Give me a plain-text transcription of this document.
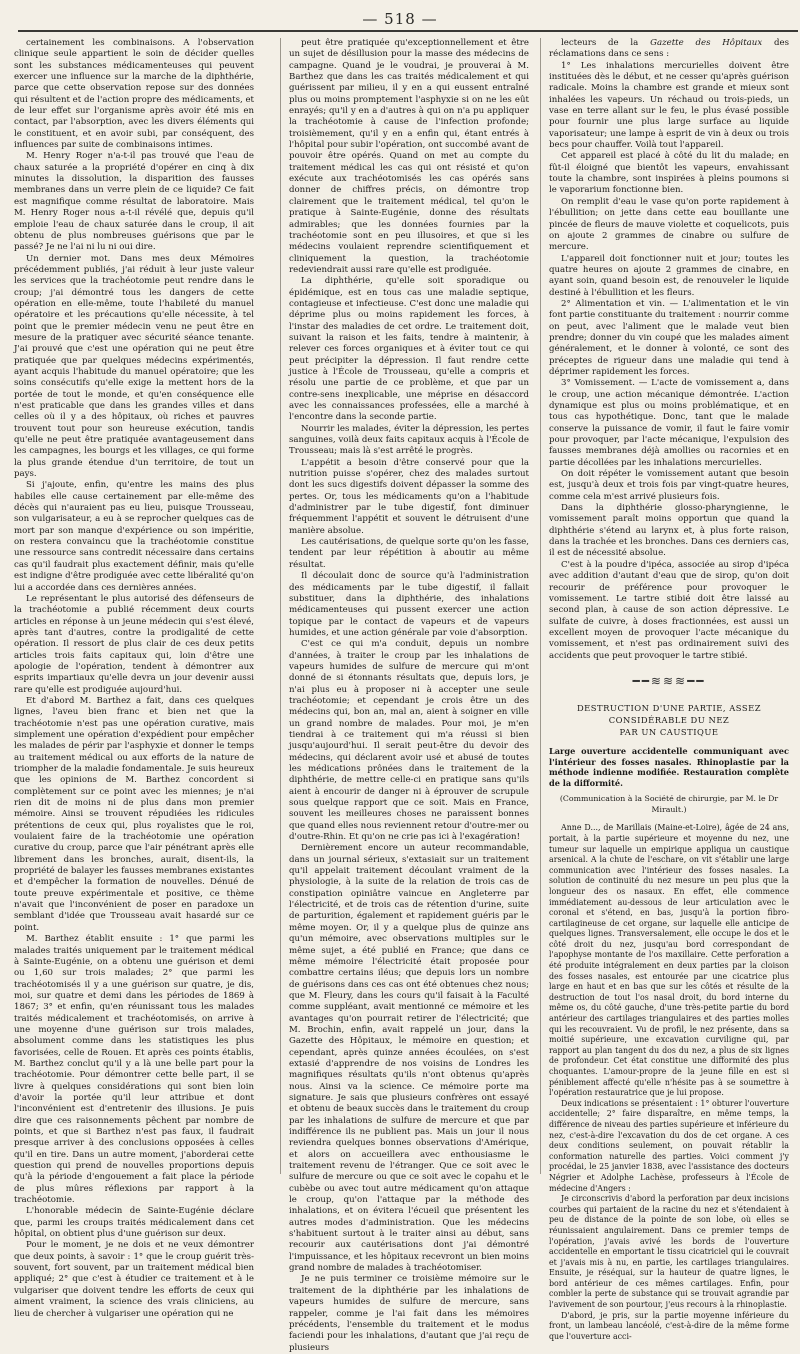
— 518 —

certainement les combinaisons. A l'observation clinique seule appartient le soin de décider quelles sont les substances médicamenteuses qui peuvent exercer une influence sur la marche de la diphthérie, parce que cette observation repose sur des données qui résultent et de l'action propre des médicaments, et de leur effet sur l'organisme après avoir été mis en contact, par l'absorption, avec les divers éléments qui le constituent, et en avoir subi, par conséquent, des influences par suite de combinaisons intimes.

M. Henry Roger n'a-t-il pas trouvé que l'eau de chaux saturée a la propriété d'opérer en cinq à dix minutes la dissolution, la disparition des fausses membranes dans un verre plein de ce liquide? Ce fait est magnifique comme résultat de laboratoire. Mais M. Henry Roger nous a-t-il révélé que, depuis qu'il emploie l'eau de chaux saturée dans le croup, il ait obtenu de plus nombreuses guérisons que par le passé? Je ne l'ai ni lu ni oui dire.

Un dernier mot. Dans mes deux Mémoires précédemment publiés, j'ai réduit à leur juste valeur les services que la trachéotomie peut rendre dans le croup; j'ai démontré tous les dangers de cette opération en elle-même, toute l'habileté du manuel opératoire et les précautions qu'elle nécessite, à tel point que le premier médecin venu ne peut être en mesure de la pratiquer avec sécurité séance tenante. J'ai prouvé que c'est une opération qui ne peut être pratiquée que par quelques médecins expérimentés, ayant acquis l'habitude du manuel opératoire; que les soins consécutifs qu'elle exige la mettent hors de la portée de tout le monde, et qu'en conséquence elle n'est praticable que dans les grandes villes et dans celles où il y a des hôpitaux, où riches et pauvres trouvent tout pour son heureuse exécution, tandis qu'elle ne peut être pratiquée avantageusement dans les campagnes, les bourgs et les villages, ce qui forme la plus grande étendue d'un territoire, de tout un pays.

Si j'ajoute, enfin, qu'entre les mains des plus habiles elle cause certainement par elle-même des décès qui n'auraient pas eu lieu, puisque Trousseau, son vulgarisateur, a eu à se reprocher quelques cas de mort par son manque d'expérience ou son impéritie, on restera convaincu que la trachéotomie constitue une ressource sans contredit nécessaire dans certains cas qu'il faudrait plus exactement définir, mais qu'elle est indigne d'être prodiguée avec cette libéralité qu'on lui a accordée dans ces dernières années.

Le représentant le plus autorisé des défenseurs de la trachéotomie a publié récemment deux courts articles en réponse à un jeune médecin qui s'est élevé, après tant d'autres, contre la prodigalité de cette opération. Il ressort de plus clair de ces deux petits articles trois faits capitaux qui, loin d'être une apologie de l'opération, tendent à démontrer aux esprits impartiaux qu'elle devra un jour devenir aussi rare qu'elle est prodiguée aujourd'hui.

Et d'abord M. Barthez a fait, dans ces quelques lignes, l'aveu bien franc et bien net que la trachéotomie n'est pas une opération curative, mais simplement une opération d'expédient pour empêcher les malades de périr par l'asphyxie et donner le temps au traitement médical ou aux efforts de la nature de triompher de la maladie fondamentale. Je suis heureux que les opinions de M. Barthez concordent si complètement sur ce point avec les miennes; je n'ai rien dit de moins ni de plus dans mon premier mémoire. Ainsi se trouvent répudiées les ridicules prétentions de ceux qui, plus royalistes que le roi, voulaient faire de la trachéotomie une opération curative du croup, parce que l'air pénétrant après elle librement dans les bronches, aurait, disent-ils, la propriété de balayer les fausses membranes existantes et d'empêcher la formation de nouvelles. Dénué de toute preuve expérimentale et positive, ce thème n'avait que l'inconvénient de poser en paradoxe un semblant d'idée que Trousseau avait hasardé sur ce point.

M. Barthez établit ensuite : 1° que parmi les malades traités uniquement par le traitement médical à Sainte-Eugénie, on a obtenu une guérison et demi ou 1,60 sur trois malades; 2° que parmi les trachéotomisés il y a une guérison sur quatre, je dis, moi, sur quatre et demi dans les périodes de 1869 à 1867; 3° et enfin, qu'en réunissant tous les malades traités médicalement et trachéotomisés, on arrive à une moyenne d'une guérison sur trois malades, absolument comme dans les statistiques les plus favorisées, celle de Rouen. Et après ces points établis, M. Barthez conclut qu'il y a là une belle part pour la trachéotomie. Pour démontrer cette belle part, il se livre à quelques considérations qui sont bien loin d'avoir la portée qu'il leur attribue et dont l'inconvénient est d'entretenir des illusions. Je puis dire que ces raisonnements pêchent par nombre de points, et que si Barthez n'est pas faux, il faudrait presque arriver à des conclusions opposées à celles qu'il en tire. Dans un autre moment, j'aborderai cette question qui prend de nouvelles proportions depuis qu'à la période d'engouement a fait place la période de plus mûres réflexions par rapport à la trachéotomie.

L'honorable médecin de Sainte-Eugénie déclare que, parmi les croups traités médicalement dans cet hôpital, on obtient plus d'une guérison sur deux.

Pour le moment, je ne dois et ne veux démontrer que deux points, à savoir : 1° que le croup guérit très-souvent, fort souvent, par un traitement médical bien appliqué; 2° que c'est à étudier ce traitement et à le vulgariser que doivent tendre les efforts de ceux qui aiment vraiment, la science des vrais cliniciens, au lieu de chercher à vulgariser une opération qui ne

peut être pratiquée qu'exceptionnellement et être un sujet de désillusion pour la masse des médecins de campagne. Quand je le voudrai, je prouverai à M. Barthez que dans les cas traités médicalement et qui guérissent par milieu, il y en a qui eussent entraîné plus ou moins promptement l'asphyxie si on ne les eût enrayés; qu'il y en a d'autres à qui on n'a pu appliquer la trachéotomie à cause de l'infection profonde; troisièmement, qu'il y en a enfin qui, étant entrés à l'hôpital pour subir l'opération, ont succombé avant de pouvoir être opérés. Quand on met au compte du traitement médical les cas qui ont résisté et qu'on exécute aux trachéotomisés les cas opérés sans donner de chiffres précis, on démontre trop clairement que le traitement médical, tel qu'on le pratique à Sainte-Eugénie, donne des résultats admirables; que les données fournies par la trachéotomie sont en peu illusoires, et que si les médecins voulaient reprendre scientifiquement et cliniquement la question, la trachéotomie redeviendrait aussi rare qu'elle est prodiguée.

La diphthérie, qu'elle soit sporadique ou épidémique, est en tous cas une maladie septique, contagieuse et infectieuse. C'est donc une maladie qui déprime plus ou moins rapidement les forces, à l'instar des maladies de cet ordre. Le traitement doit, suivant la raison et les faits, tendre à maintenir, à relever ces forces organiques et à éviter tout ce qui peut précipiter la dépression. Il faut rendre cette justice à l'École de Trousseau, qu'elle a compris et résolu une partie de ce problème, et que par un contre-sens inexplicable, une méprise en désaccord avec les connaissances professées, elle a marché à l'encontre dans la seconde partie.

Nourrir les malades, éviter la dépression, les pertes sanguines, voilà deux faits capitaux acquis à l'École de Trousseau; mais là s'est arrêté le progrès.

L'appétit a besoin d'être conservé pour que la nutrition puisse s'opérer, chez des malades surtout dont les sucs digestifs doivent dépasser la somme des pertes. Or, tous les médicaments qu'on a l'habitude d'administrer par le tube digestif, font diminuer fréquemment l'appétit et souvent le détruisent d'une manière absolue.

Les cautérisations, de quelque sorte qu'on les fasse, tendent par leur répétition à aboutir au même résultat.

Il découlait donc de source qu'à l'administration des médicaments par le tube digestif, il fallait substituer, dans la diphthérie, des inhalations médicamenteuses qui pussent exercer une action topique par le contact de vapeurs et de vapeurs humides, et une action générale par voie d'absorption.

C'est ce qui m'a conduit, depuis un nombre d'années, à traiter le croup par les inhalations de vapeurs humides de sulfure de mercure qui m'ont donné de si étonnants résultats que, depuis lors, je n'ai plus eu à proposer ni à accepter une seule trachéotomie; et cependant je crois être un des médecins qui, bon an, mal an, aient à soigner en ville un grand nombre de malades. Pour moi, je m'en tiendrai à ce traitement qui m'a réussi si bien jusqu'aujourd'hui. Il serait peut-être du devoir des médecins, qui déclarent avoir usé et abusé de toutes les médications prônées dans le traitement de la diphthérie, de mettre celle-ci en pratique sans qu'ils aient à encourir de danger ni à éprouver de scrupule sous quelque rapport que ce soit. Mais en France, souvent les meilleures choses ne paraissent bonnes que quand elles nous reviennent retour d'outre-mer ou d'outre-Rhin. Et qu'on ne crie pas ici à l'exagération!

Dernièrement encore un auteur recommandable, dans un journal sérieux, s'extasiait sur un traitement qu'il appelait traitement découlant vraiment de la physiologie, à la suite de la relation de trois cas de constipation opiniâtre vaincue en Angleterre par l'électricité, et de trois cas de rétention d'urine, suite de parturition, également et rapidement guéris par le même moyen. Or, il y a quelque plus de quinze ans qu'un mémoire, avec observations multiples sur le même sujet, a été publié en France; que dans ce même mémoire l'électricité était proposée pour combattre certains iléus; que depuis lors un nombre de guérisons dans ces cas ont été obtenues chez nous; que M. Fleury, dans les cours qu'il faisait à la Faculté comme suppléant, avait mentionné ce mémoire et les avantages qu'on pourrait retirer de l'électricité; que M. Brochin, enfin, avait rappelé un jour, dans la Gazette des Hôpitaux, le mémoire en question; et cependant, après quinze années écoulées, on s'est extasié d'apprendre de nos voisins de Londres les magnifiques résultats qu'ils n'ont obtenus qu'après nous. Ainsi va la science. Ce mémoire porte ma signature. Je sais que plusieurs confrères ont essayé et obtenu de beaux succès dans le traitement du croup par les inhalations de sulfure de mercure et que par indifférence ils ne publient pas. Mais un jour il nous reviendra quelques bonnes observations d'Amérique, et alors on accueillera avec enthousiasme le traitement revenu de l'étranger. Que ce soit avec le sulfure de mercure ou que ce soit avec le copahu et le cubèbe ou avec tout autre médicament qu'on attaque le croup, qu'on l'attaque par la méthode des inhalations, et on évitera l'écueil que présentent les autres modes d'administration. Que les médecins s'habituent surtout à le traiter ainsi au début, sans recourir aux cautérisations dont j'ai démontré l'impuissance, et les hôpitaux recevront un bien moins grand nombre de malades à trachéotomiser.

Je ne puis terminer ce troisième mémoire sur le traitement de la diphthérie par les inhalations de vapeurs humides de sulfure de mercure, sans rappeler, comme je l'ai fait dans les mémoires précédents, l'ensemble du traitement et le modus faciendi pour les inhalations, d'autant que j'ai reçu de plusieurs

lecteurs de la Gazette des Hôpitaux des réclamations dans ce sens :

1° Les inhalations mercurielles doivent être instituées dès le début, et ne cesser qu'après guérison radicale. Moins la chambre est grande et mieux sont inhalées les vapeurs. Un réchaud ou trois-pieds, un vase en terre allant sur le feu, le plus évasé possible pour fournir une plus large surface au liquide vaporisateur; une lampe à esprit de vin à deux ou trois becs pour chauffer. Voilà tout l'appareil.

Cet appareil est placé à côté du lit du malade; en fût-il éloigné que bientôt les vapeurs, envahissant toute la chambre, sont inspirées à pleins poumons si le vaporarium fonctionne bien.

On remplit d'eau le vase qu'on porte rapidement à l'ébullition; on jette dans cette eau bouillante une pincée de fleurs de mauve violette et coquelicots, puis on ajoute 2 grammes de cinabre ou sulfure de mercure.

L'appareil doit fonctionner nuit et jour; toutes les quatre heures on ajoute 2 grammes de cinabre, en ayant soin, quand besoin est, de renouveler le liquide destiné à l'ébullition et les fleurs.

2° Alimentation et vin. — L'alimentation et le vin font partie constituante du traitement : nourrir comme on peut, avec l'aliment que le malade veut bien prendre; donner du vin coupé que les malades aiment généralement, et le donner à volonté, ce sont des préceptes de rigueur dans une maladie qui tend à déprimer rapidement les forces.

3° Vomissement. — L'acte de vomissement a, dans le croup, une action mécanique démontrée. L'action dynamique est plus ou moins problématique, et en tous cas hypothétique. Donc, tant que le malade conserve la puissance de vomir, il faut le faire vomir pour provoquer, par l'acte mécanique, l'expulsion des fausses membranes déjà amollies ou racornies et en partie décollées par les inhalations mercurielles.

On doit répéter le vomissement autant que besoin est, jusqu'à deux et trois fois par vingt-quatre heures, comme cela m'est arrivé plusieurs fois.

Dans la diphthérie glosso-pharyngienne, le vomissement paraît moins opportun que quand la diphthérie s'étend au larynx et, à plus forte raison, dans la trachée et les bronches. Dans ces derniers cas, il est de nécessité absolue.

C'est à la poudre d'ipéca, associée au sirop d'ipéca avec addition d'autant d'eau que de sirop, qu'on doit recourir de préférence pour provoquer le vomissement. Le tartre stibié doit être laissé au second plan, à cause de son action dépressive. Le sulfate de cuivre, à doses fractionnées, est aussi un excellent moyen de provoquer l'acte mécanique du vomissement, et n'est pas ordinairement suivi des accidents que peut provoquer le tartre stibié.

━━≋≋≋━━
DESTRUCTION D'UNE PARTIE, ASSEZ CONSIDÉRABLE DU NEZ
PAR UN CAUSTIQUE

Large ouverture accidentelle communiquant avec l'intérieur des fosses nasales. Rhinoplastie par la méthode indienne modifiée. Restauration complète de la difformité.

(Communication à la Société de chirurgie, par M. le Dr Mirault.)

Anne D..., de Marillais (Maine-et-Loire), âgée de 24 ans, portait, à la partie supérieure et moyenne du nez, une tumeur sur laquelle un empirique appliqua un caustique arsenical. A la chute de l'eschare, on vit s'établir une large communication avec l'intérieur des fosses nasales. La solution de continuité du nez mesure un peu plus que la longueur des os nasaux. En effet, elle commence immédiatement au-dessous de leur articulation avec le coronal et s'étend, en bas, jusqu'à la portion fibro-cartilagineuse de cet organe, sur laquelle elle anticipe de quelques lignes. Transversalement, elle occupe le dos et le côté droit du nez, jusqu'au bord correspondant de l'apophyse montante de l'os maxillaire. Cette perforation a été produite intégralement en deux parties par la cloison des fosses nasales, est entourée par une cicatrice plus large en haut et en bas que sur les côtés et résulte de la destruction de tout l'os nasal droit, du bord interne du même os, du côté gauche, d'une très-petite partie du bord antérieur des cartilages triangulaires et des parties molles qui les recouvraient. Vu de profil, le nez présente, dans sa moitié supérieure, une excavation curviligne qui, par rapport au plan tangent du dos du nez, a plus de six lignes de profondeur. Cet état constitue une difformité des plus choquantes. L'amour-propre de la jeune fille en est si péniblement affecté qu'elle n'hésite pas à se soumettre à l'opération restauratrice que je lui propose.

Deux indications se présentaient : 1° obturer l'ouverture accidentelle; 2° faire disparaître, en même temps, la différence de niveau des parties supérieure et inférieure du nez, c'est-à-dire l'excavation du dos de cet organe. A ces deux conditions seulement, on pouvait rétablir la conformation naturelle des parties. Voici comment j'y procédai, le 25 janvier 1838, avec l'assistance des docteurs Négrier et Adolphe Lachèse, professeurs à l'École de médecine d'Angers :

Je circonscrivis d'abord la perforation par deux incisions courbes qui partaient de la racine du nez et s'étendaient à peu de distance de la pointe de son lobe, où elles se réunissaient angulairement. Dans ce premier temps de l'opération, j'avais avivé les bords de l'ouverture accidentelle en emportant le tissu cicatriciel qui le couvrait et j'avais mis à nu, en partie, les cartilages triangulaires. Ensuite, je réséquai, sur la hauteur de quatre lignes, le bord antérieur de ces mêmes cartilages. Enfin, pour combler la perte de substance qui se trouvait agrandie par l'avivement de son pourtour, j'eus recours à la rhinoplastie.

D'abord, je pris, sur la partie moyenne inférieure du front, un lambeau lancéolé, c'est-à-dire de la même forme que l'ouverture acci-
